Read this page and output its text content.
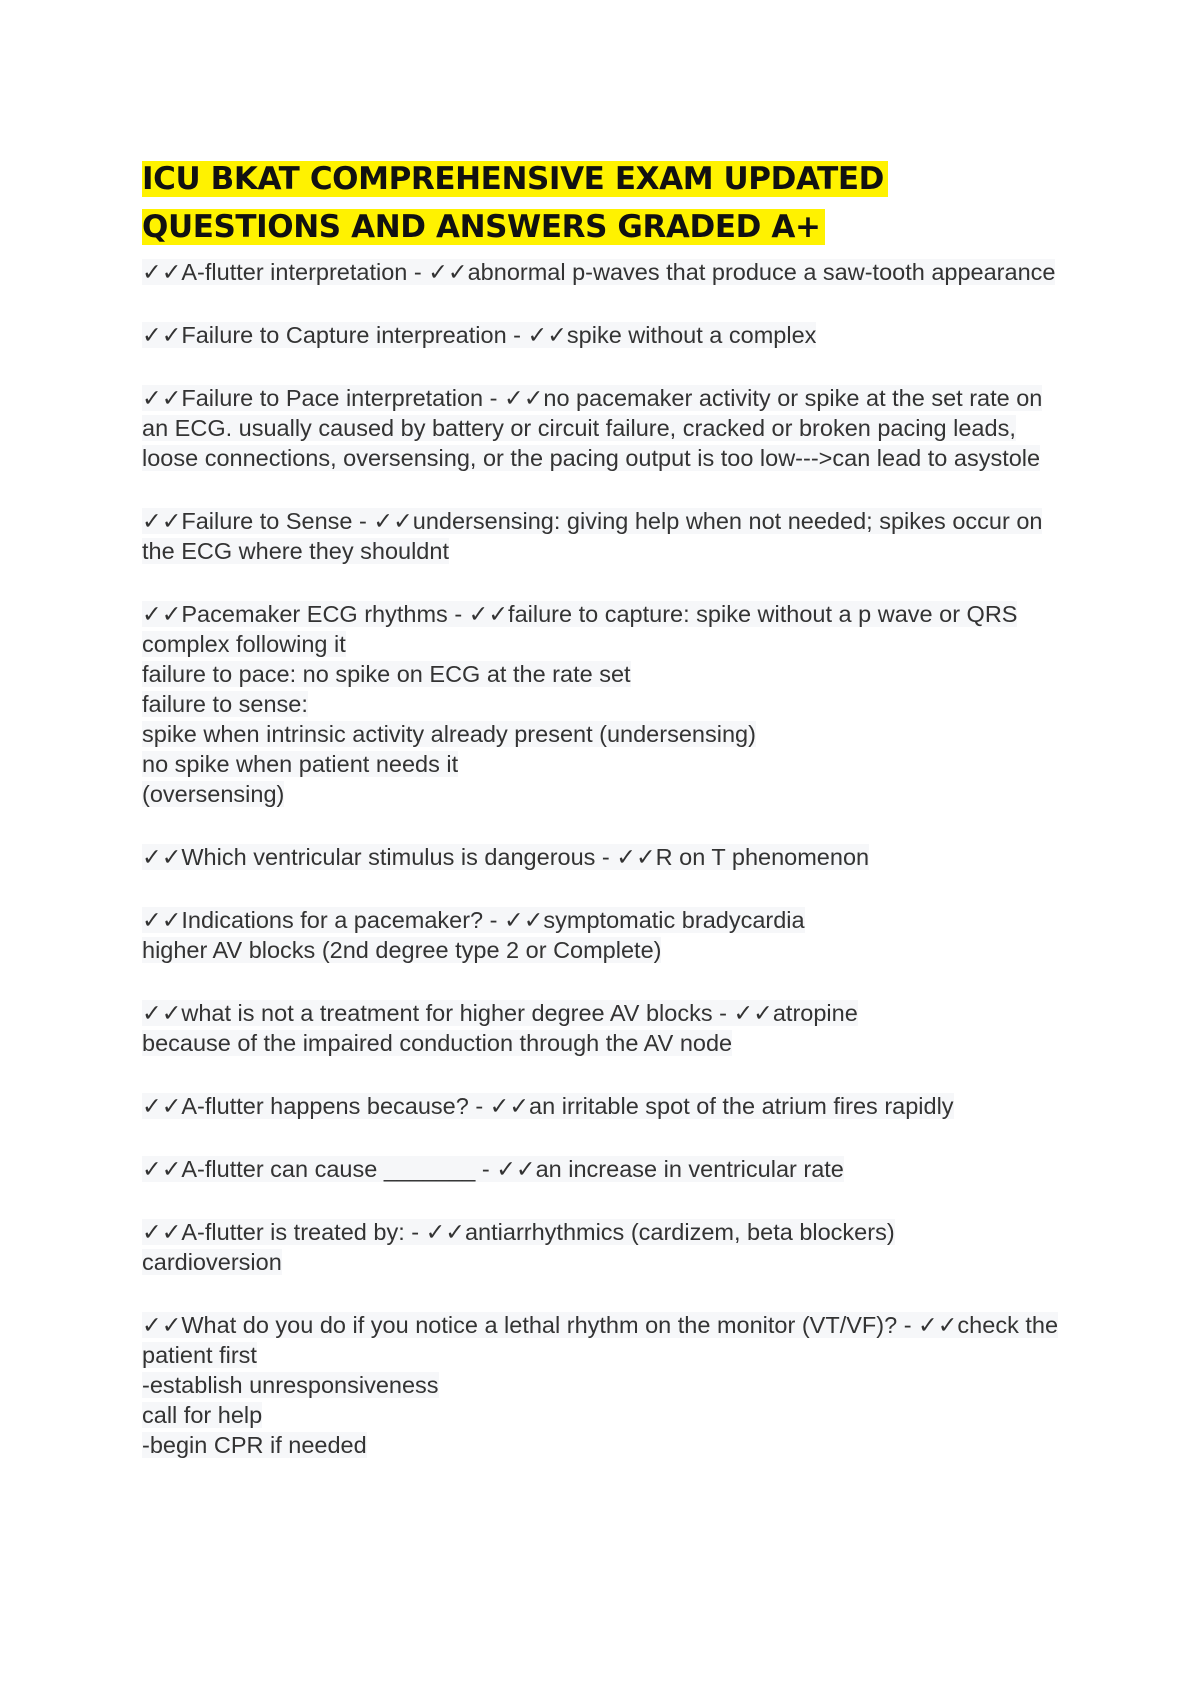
ICU BKAT COMPREHENSIVE EXAM UPDATED QUESTIONS AND ANSWERS GRADED A+
✓✓A-flutter interpretation - ✓✓abnormal p-waves that produce a saw-tooth appearance
✓✓Failure to Capture interpreation - ✓✓spike without a complex
✓✓Failure to Pace interpretation - ✓✓no pacemaker activity or spike at the set rate on an ECG. usually caused by battery or circuit failure, cracked or broken pacing leads, loose connections, oversensing, or the pacing output is too low--->can lead to asystole
✓✓Failure to Sense - ✓✓undersensing: giving help when not needed; spikes occur on the ECG where they shouldnt
✓✓Pacemaker ECG rhythms - ✓✓failure to capture: spike without a p wave or QRS complex following it
failure to pace: no spike on ECG at the rate set
failure to sense:
spike when intrinsic activity already present (undersensing)
no spike when patient needs it
(oversensing)
✓✓Which ventricular stimulus is dangerous - ✓✓R on T phenomenon
✓✓Indications for a pacemaker? - ✓✓symptomatic bradycardia
higher AV blocks (2nd degree type 2 or Complete)
✓✓what is not a treatment for higher degree AV blocks - ✓✓atropine
because of the impaired conduction through the AV node
✓✓A-flutter happens because? - ✓✓an irritable spot of the atrium fires rapidly
✓✓A-flutter can cause _______ - ✓✓an increase in ventricular rate
✓✓A-flutter is treated by: - ✓✓antiarrhythmics (cardizem, beta blockers)
cardioversion
✓✓What do you do if you notice a lethal rhythm on the monitor (VT/VF)? - ✓✓check the patient first
-establish unresponsiveness
call for help
-begin CPR if needed
